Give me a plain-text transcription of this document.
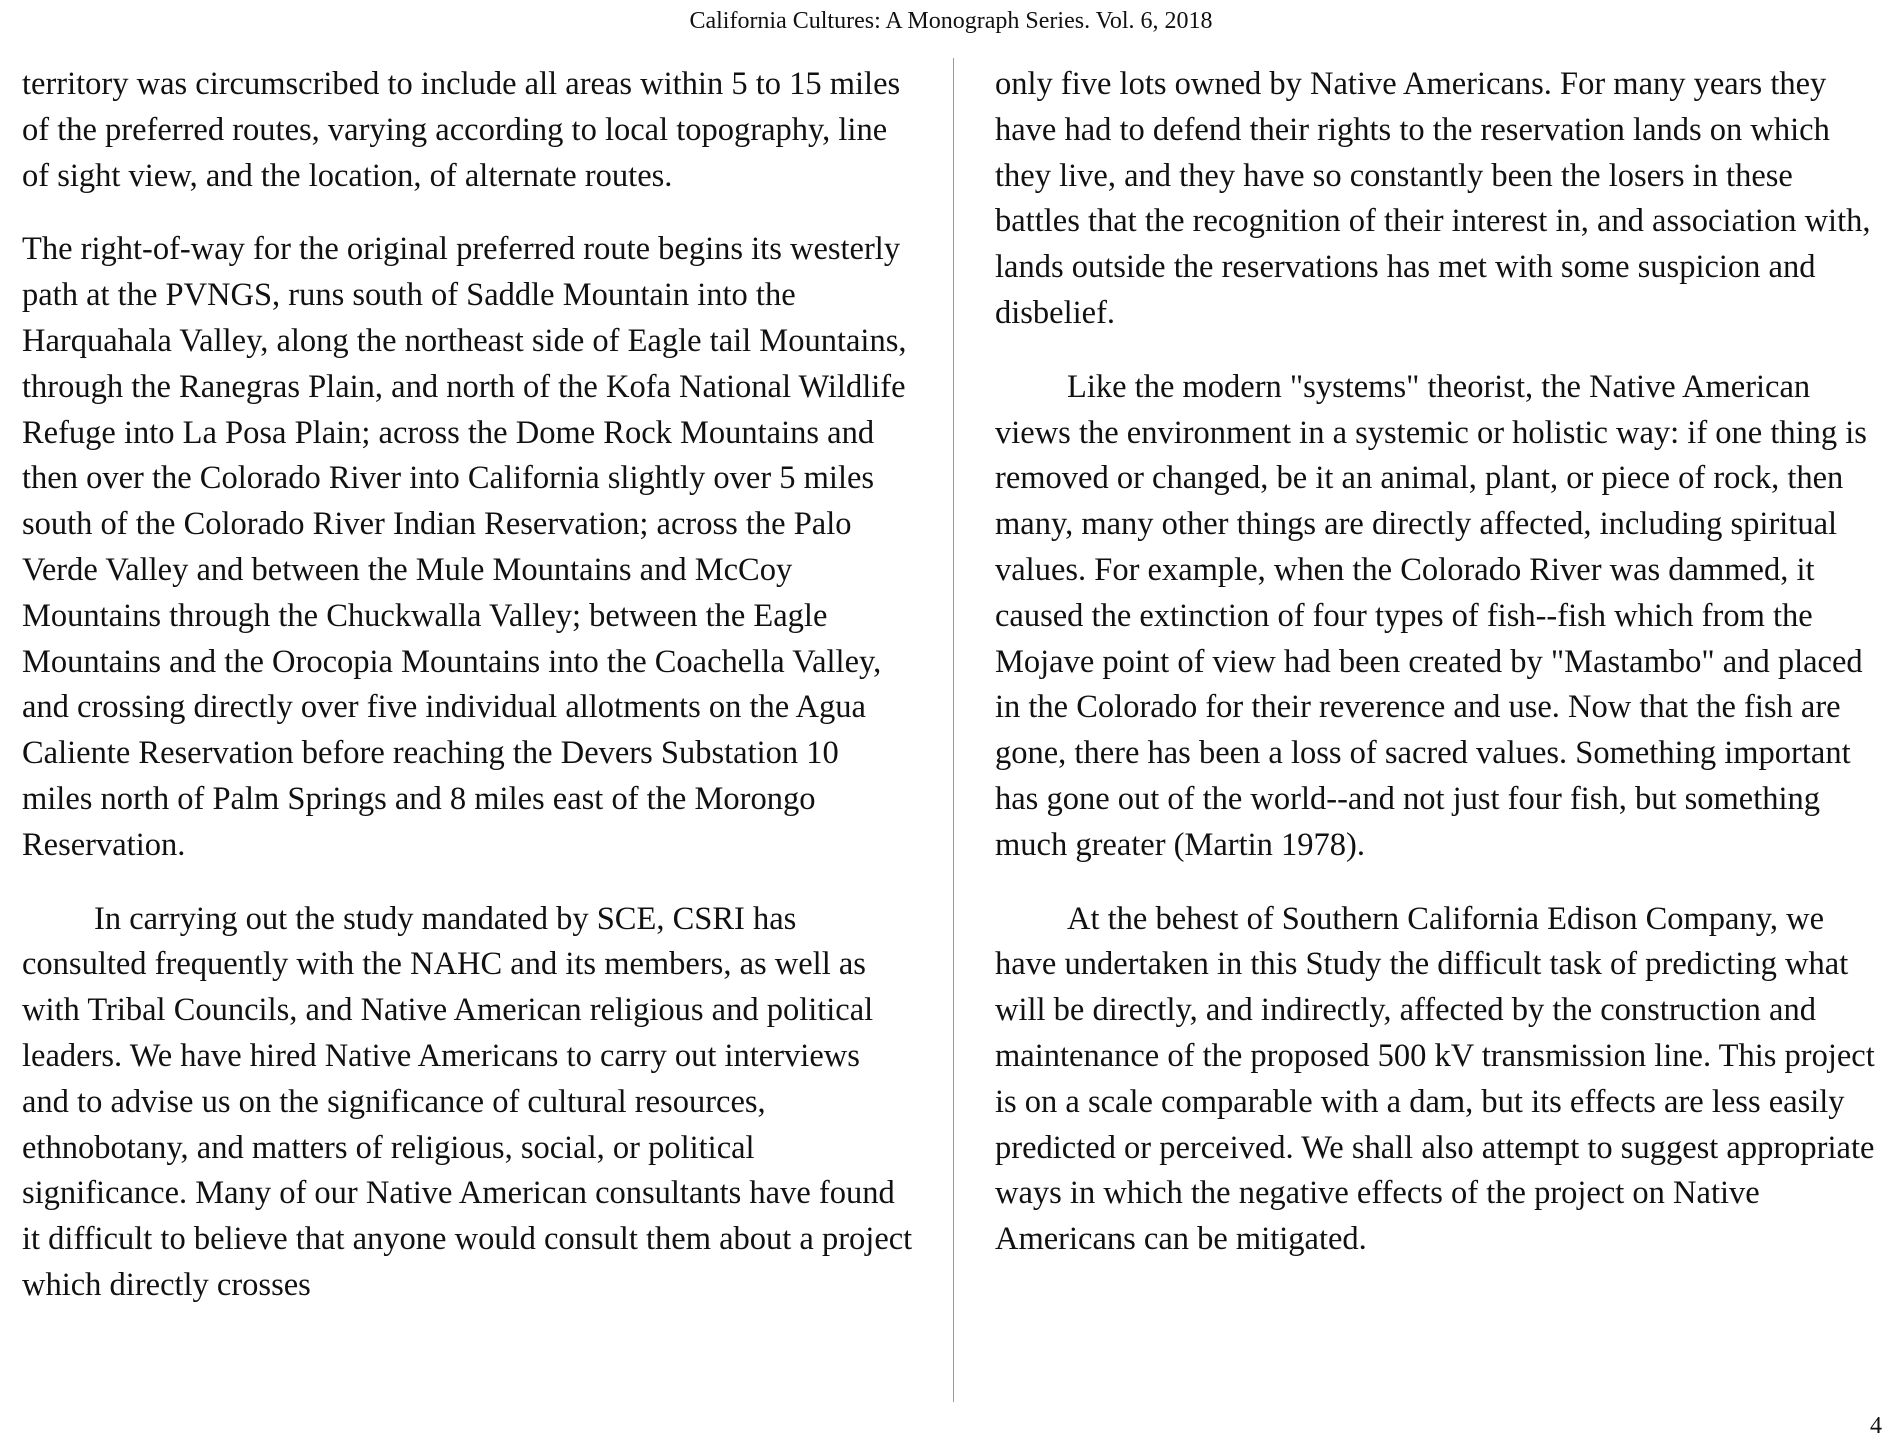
California Cultures: A Monograph Series. Vol. 6, 2018

territory was circumscribed to include all areas within 5 to 15 miles of the preferred routes, varying according to local topography, line of sight view, and the location, of alternate routes.

The right-of-way for the original preferred route begins its westerly path at the PVNGS, runs south of Saddle Mountain into the Harquahala Valley, along the northeast side of Eagle tail Mountains, through the Ranegras Plain, and north of the Kofa National Wildlife Refuge into La Posa Plain; across the Dome Rock Mountains and then over the Colorado River into California slightly over 5 miles south of the Colorado River Indian Reservation; across the Palo Verde Valley and between the Mule Mountains and McCoy Mountains through the Chuckwalla Valley; between the Eagle Mountains and the Orocopia Mountains into the Coachella Valley, and crossing directly over five individual allotments on the Agua Caliente Reservation before reaching the Devers Substation 10 miles north of Palm Springs and 8 miles east of the Morongo Reservation.

In carrying out the study mandated by SCE, CSRI has consulted frequently with the NAHC and its members, as well as with Tribal Councils, and Native American religious and political leaders. We have hired Native Americans to carry out interviews and to advise us on the significance of cultural resources, ethnobotany, and matters of religious, social, or political significance. Many of our Native American consultants have found it difficult to believe that anyone would consult them about a project which directly crosses

only five lots owned by Native Americans. For many years they have had to defend their rights to the reservation lands on which they live, and they have so constantly been the losers in these battles that the recognition of their interest in, and association with, lands outside the reservations has met with some suspicion and disbelief.

Like the modern "systems" theorist, the Native American views the environment in a systemic or holistic way: if one thing is removed or changed, be it an animal, plant, or piece of rock, then many, many other things are directly affected, including spiritual values. For example, when the Colorado River was dammed, it caused the extinction of four types of fish--fish which from the Mojave point of view had been created by "Mastambo" and placed in the Colorado for their reverence and use. Now that the fish are gone, there has been a loss of sacred values. Something important has gone out of the world--and not just four fish, but something much greater (Martin 1978).

At the behest of Southern California Edison Company, we have undertaken in this Study the difficult task of predicting what will be directly, and indirectly, affected by the construction and maintenance of the proposed 500 kV transmission line. This project is on a scale comparable with a dam, but its effects are less easily predicted or perceived. We shall also attempt to suggest appropriate ways in which the negative effects of the project on Native Americans can be mitigated.

4
